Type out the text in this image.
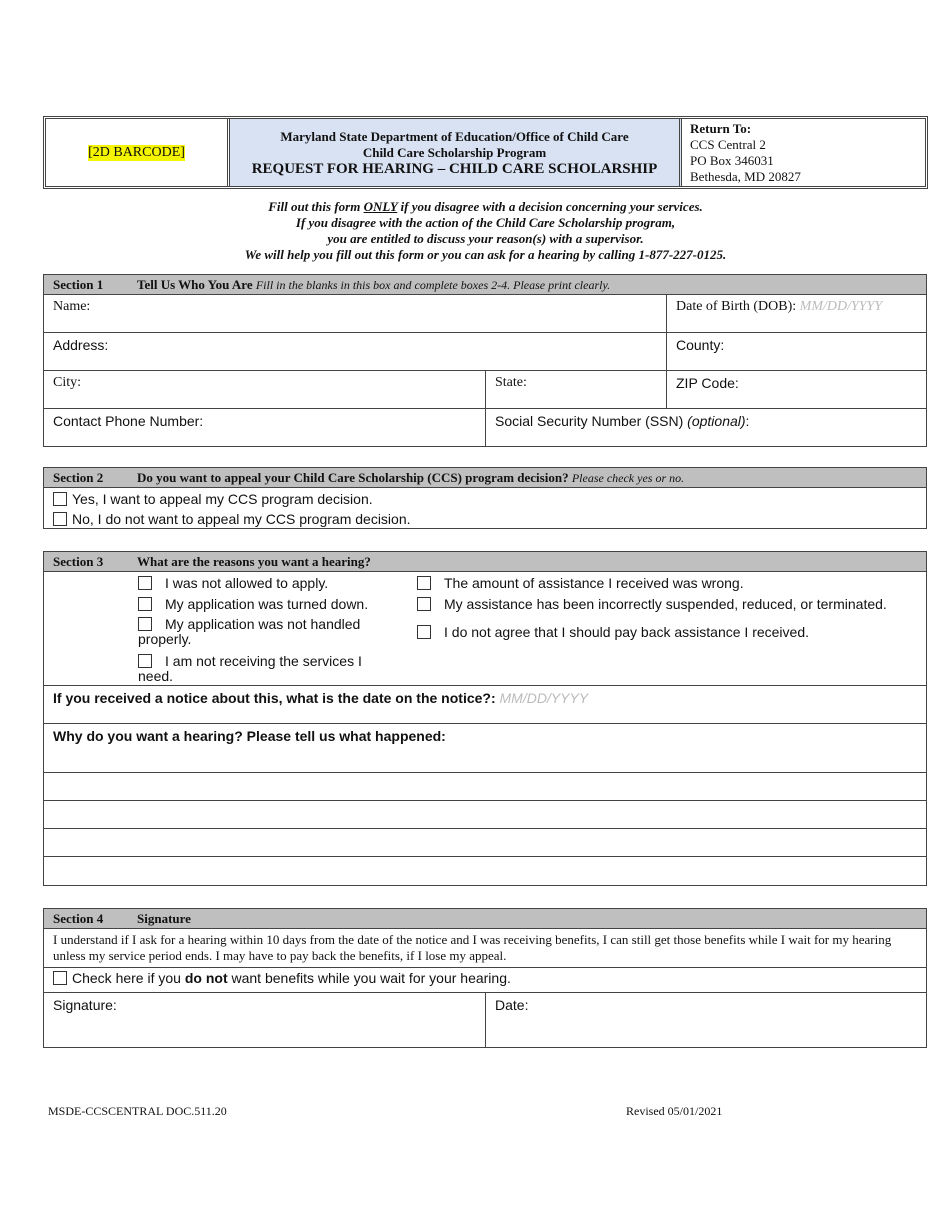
[2D BARCODE]
Maryland State Department of Education/Office of Child Care
Child Care Scholarship Program
REQUEST FOR HEARING – CHILD CARE SCHOLARSHIP
Return To:
CCS Central 2
PO Box 346031
Bethesda, MD 20827
Fill out this form ONLY if you disagree with a decision concerning your services.
If you disagree with the action of the Child Care Scholarship program,
you are entitled to discuss your reason(s) with a supervisor.
We will help you fill out this form or you can ask for a hearing by calling 1-877-227-0125.
Section 1	Tell Us Who You Are Fill in the blanks in this box and complete boxes 2-4. Please print clearly.
Name:	Date of Birth (DOB): MM/DD/YYYY
Address:	County:
City:	State:	ZIP Code:
Contact Phone Number:	Social Security Number (SSN) (optional):
Section 2	Do you want to appeal your Child Care Scholarship (CCS) program decision? Please check yes or no.
Yes, I want to appeal my CCS program decision.
No, I do not want to appeal my CCS program decision.
Section 3	What are the reasons you want a hearing?
I was not allowed to apply.
My application was turned down.
My application was not handled properly.
I am not receiving the services I need.
The amount of assistance I received was wrong.
My assistance has been incorrectly suspended, reduced, or terminated.
I do not agree that I should pay back assistance I received.
If you received a notice about this, what is the date on the notice?: MM/DD/YYYY
Why do you want a hearing? Please tell us what happened:
Section 4	Signature
I understand if I ask for a hearing within 10 days from the date of the notice and I was receiving benefits, I can still get those benefits while I wait for my hearing unless my service period ends. I may have to pay back the benefits, if I lose my appeal.
Check here if you do not want benefits while you wait for your hearing.
Signature:	Date:
MSDE-CCSCENTRAL DOC.511.20	Revised 05/01/2021
